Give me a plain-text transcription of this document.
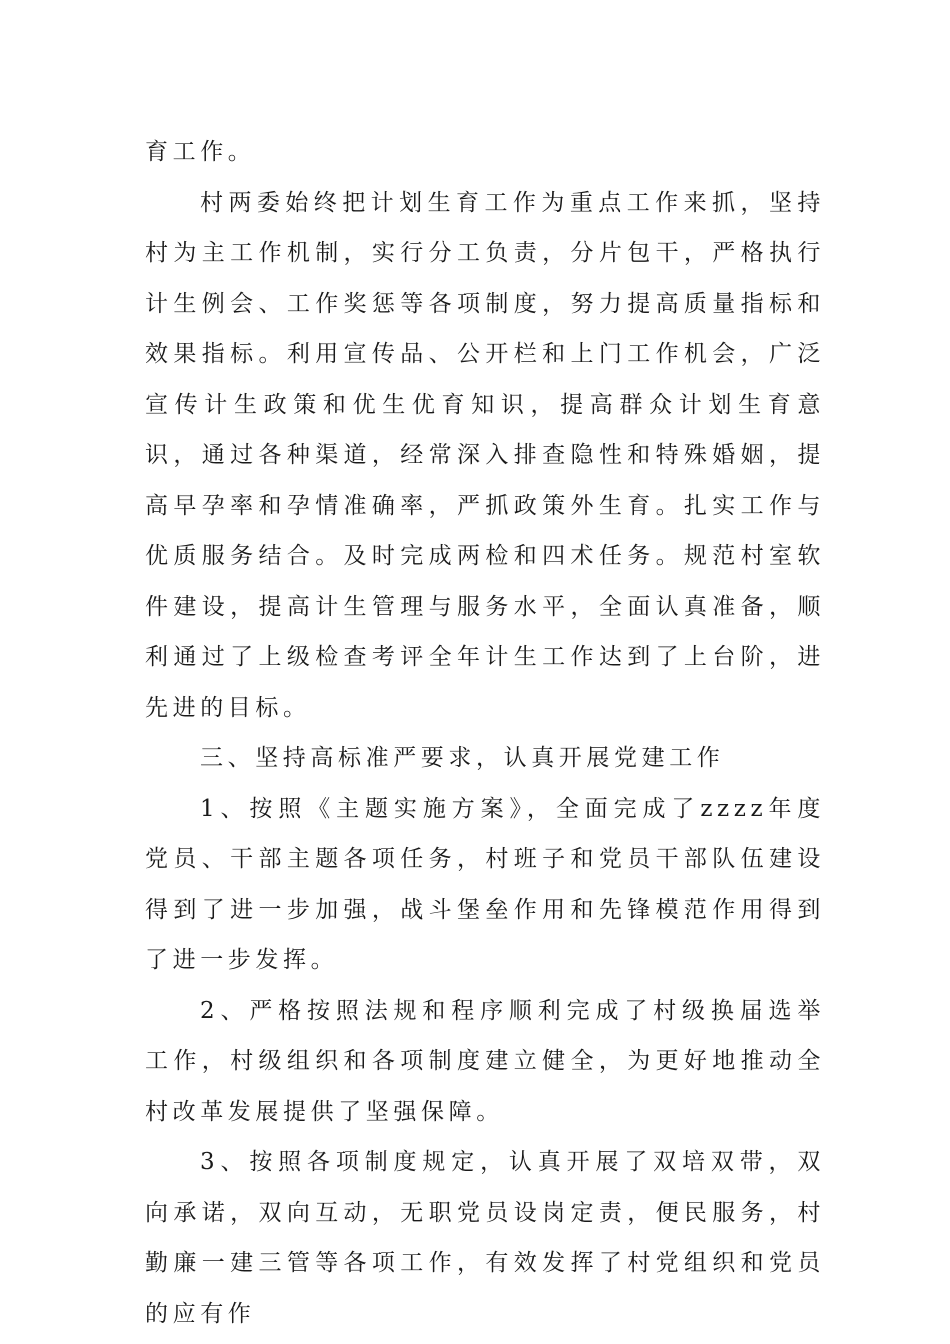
育工作。

村两委始终把计划生育工作为重点工作来抓，坚持村为主工作机制，实行分工负责，分片包干，严格执行计生例会、工作奖惩等各项制度，努力提高质量指标和效果指标。利用宣传品、公开栏和上门工作机会，广泛宣传计生政策和优生优育知识，提高群众计划生育意识，通过各种渠道，经常深入排查隐性和特殊婚姻，提高早孕率和孕情准确率，严抓政策外生育。扎实工作与优质服务结合。及时完成两检和四术任务。规范村室软件建设，提高计生管理与服务水平，全面认真准备，顺利通过了上级检查考评全年计生工作达到了上台阶，进先进的目标。

三、坚持高标准严要求，认真开展党建工作

1、按照《主题实施方案》，全面完成了zzzz年度党员、干部主题各项任务，村班子和党员干部队伍建设得到了进一步加强，战斗堡垒作用和先锋模范作用得到了进一步发挥。

2、严格按照法规和程序顺利完成了村级换届选举工作，村级组织和各项制度建立健全，为更好地推动全村改革发展提供了坚强保障。

3、按照各项制度规定，认真开展了双培双带，双向承诺，双向互动，无职党员设岗定责，便民服务，村勤廉一建三管等各项工作，有效发挥了村党组织和党员的应有作
